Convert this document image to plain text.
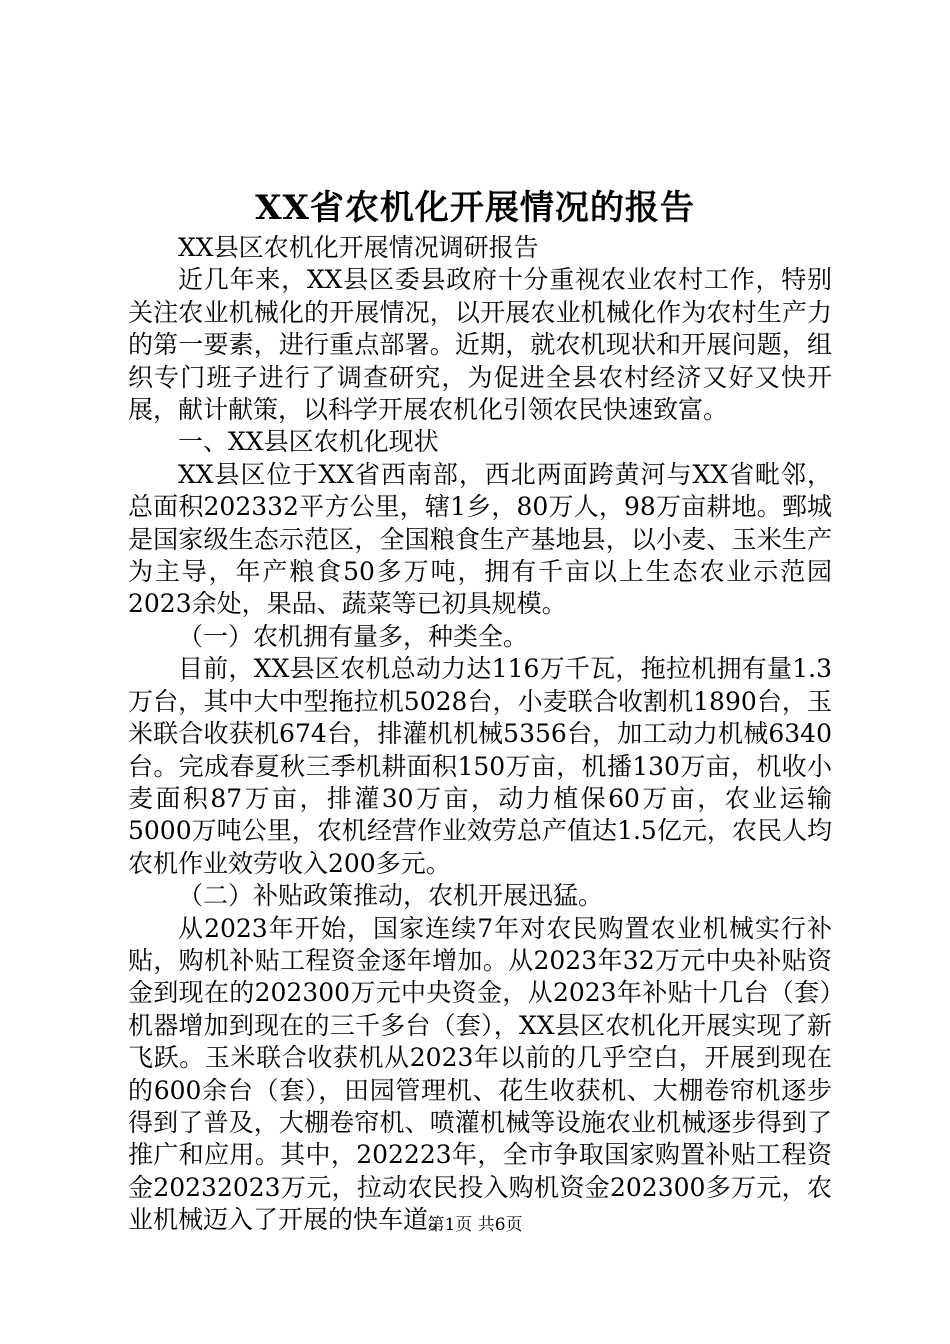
XX省农机化开展情况的报告

XX县区农机化开展情况调研报告

近几年来，XX县区委县政府十分重视农业农村工作，特别关注农业机械化的开展情况，以开展农业机械化作为农村生产力的第一要素，进行重点部署。近期，就农机现状和开展问题，组织专门班子进行了调查研究，为促进全县农村经济又好又快开展，献计献策，以科学开展农机化引领农民快速致富。

一、XX县区农机化现状

XX县区位于XX省西南部，西北两面跨黄河与XX省毗邻，总面积202332平方公里，辖1乡，80万人，98万亩耕地。鄄城是国家级生态示范区，全国粮食生产基地县，以小麦、玉米生产为主导，年产粮食50多万吨，拥有千亩以上生态农业示范园2023余处，果品、蔬菜等已初具规模。

（一）农机拥有量多，种类全。

目前，XX县区农机总动力达116万千瓦，拖拉机拥有量1.3万台，其中大中型拖拉机5028台，小麦联合收割机1890台，玉米联合收获机674台，排灌机机械5356台，加工动力机械6340台。完成春夏秋三季机耕面积150万亩，机播130万亩，机收小麦面积87万亩，排灌30万亩，动力植保60万亩，农业运输5000万吨公里，农机经营作业效劳总产值达1.5亿元，农民人均农机作业效劳收入200多元。

（二）补贴政策推动，农机开展迅猛。

从2023年开始，国家连续7年对农民购置农业机械实行补贴，购机补贴工程资金逐年增加。从2023年32万元中央补贴资金到现在的202300万元中央资金，从2023年补贴十几台（套）机器增加到现在的三千多台（套），XX县区农机化开展实现了新飞跃。玉米联合收获机从2023年以前的几乎空白，开展到现在的600余台（套），田园管理机、花生收获机、大棚卷帘机逐步得到了普及，大棚卷帘机、喷灌机械等设施农业机械逐步得到了推广和应用。其中，202223年，全市争取国家购置补贴工程资金20232023万元，拉动农民投入购机资金202300多万元，农业机械迈入了开展的快车道。

第1页 共6页
